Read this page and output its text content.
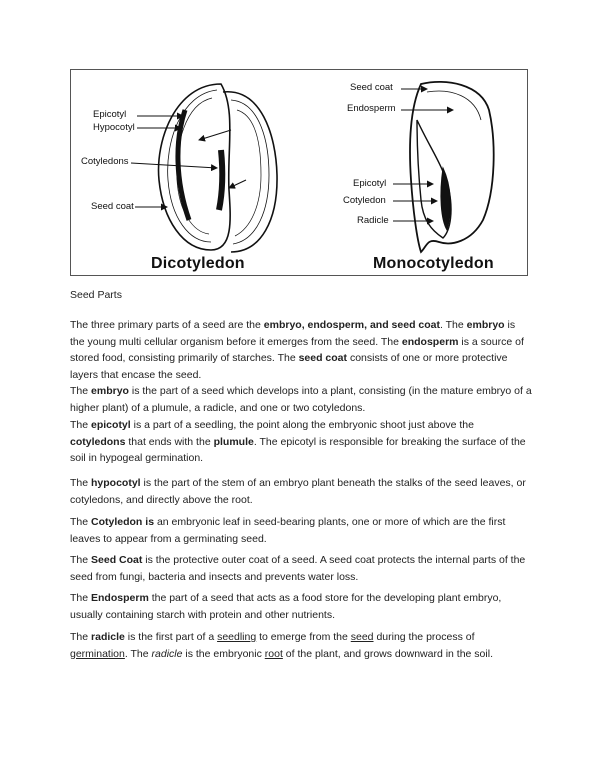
Epicotyl
Hypocotyl
Cotyledons
Seed coat
Seed coat
Endosperm
Epicotyl
Cotyledon
Radicle
Dicotyledon	Monocotyledon
Seed Parts
The three primary parts of a seed are the embryo, endosperm, and seed coat. The embryo is the young multi cellular organism before it emerges from the seed. The endosperm is a source of stored food, consisting primarily of starches. The seed coat consists of one or more protective layers that encase the seed.
The embryo is the part of a seed which develops into a plant, consisting (in the mature embryo of a higher plant) of a plumule, a radicle, and one or two cotyledons.
The epicotyl is a part of a seedling, the point along the embryonic shoot just above the cotyledons that ends with the plumule. The epicotyl is responsible for breaking the surface of the soil in hypogeal germination.
The hypocotyl is the part of the stem of an embryo plant beneath the stalks of the seed leaves, or cotyledons, and directly above the root.
The Cotyledon is an embryonic leaf in seed-bearing plants, one or more of which are the first leaves to appear from a germinating seed.
The Seed Coat is the protective outer coat of a seed. A seed coat protects the internal parts of the seed from fungi, bacteria and insects and prevents water loss.
The Endosperm the part of a seed that acts as a food store for the developing plant embryo, usually containing starch with protein and other nutrients.
The radicle is the first part of a seedling to emerge from the seed during the process of germination. The radicle is the embryonic root of the plant, and grows downward in the soil.
